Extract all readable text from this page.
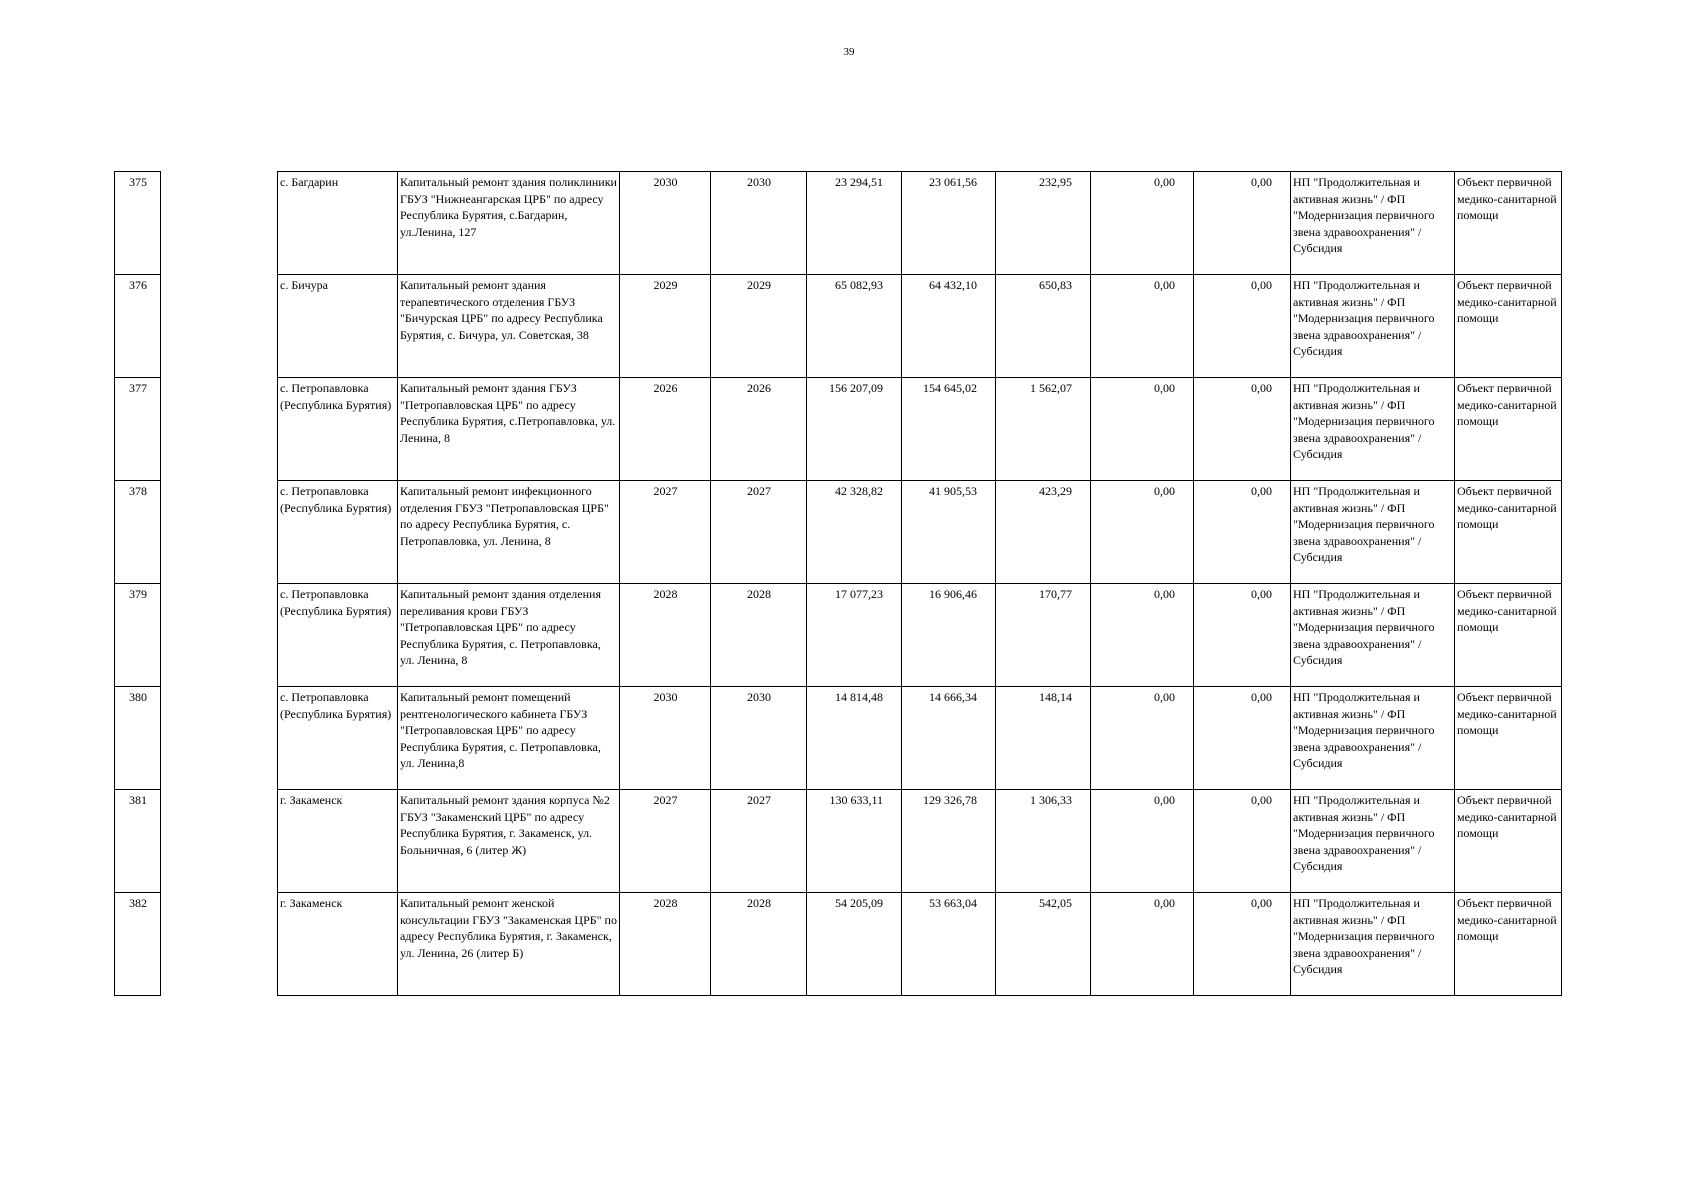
39
375		с. Багдарин	Капитальный ремонт здания поликлиники ГБУЗ "Нижнеангарская ЦРБ" по адресу Республика Бурятия, с.Багдарин, ул.Ленина, 127	2030	2030	23 294,51	23 061,56	232,95	0,00	0,00	НП "Продолжительная и активная жизнь" / ФП "Модернизация первичного звена здравоохранения" / Субсидия	Объект первичной медико-санитарной помощи
376		с. Бичура	Капитальный ремонт здания терапевтического отделения ГБУЗ "Бичурская ЦРБ" по адресу Республика Бурятия, с. Бичура, ул. Советская, 38	2029	2029	65 082,93	64 432,10	650,83	0,00	0,00	НП "Продолжительная и активная жизнь" / ФП "Модернизация первичного звена здравоохранения" / Субсидия	Объект первичной медико-санитарной помощи
377		с. Петропавловка (Республика Бурятия)	Капитальный ремонт здания ГБУЗ "Петропавловская ЦРБ" по адресу Республика Бурятия, с.Петропавловка, ул. Ленина, 8	2026	2026	156 207,09	154 645,02	1 562,07	0,00	0,00	НП "Продолжительная и активная жизнь" / ФП "Модернизация первичного звена здравоохранения" / Субсидия	Объект первичной медико-санитарной помощи
378		с. Петропавловка (Республика Бурятия)	Капитальный ремонт инфекционного отделения ГБУЗ "Петропавловская ЦРБ" по адресу Республика Бурятия, с. Петропавловка, ул. Ленина, 8	2027	2027	42 328,82	41 905,53	423,29	0,00	0,00	НП "Продолжительная и активная жизнь" / ФП "Модернизация первичного звена здравоохранения" / Субсидия	Объект первичной медико-санитарной помощи
379		с. Петропавловка (Республика Бурятия)	Капитальный ремонт здания отделения переливания крови ГБУЗ "Петропавловская ЦРБ" по адресу Республика Бурятия, с. Петропавловка, ул. Ленина, 8	2028	2028	17 077,23	16 906,46	170,77	0,00	0,00	НП "Продолжительная и активная жизнь" / ФП "Модернизация первичного звена здравоохранения" / Субсидия	Объект первичной медико-санитарной помощи
380		с. Петропавловка (Республика Бурятия)	Капитальный ремонт помещений рентгенологического кабинета ГБУЗ "Петропавловская ЦРБ" по адресу Республика Бурятия, с. Петропавловка, ул. Ленина,8	2030	2030	14 814,48	14 666,34	148,14	0,00	0,00	НП "Продолжительная и активная жизнь" / ФП "Модернизация первичного звена здравоохранения" / Субсидия	Объект первичной медико-санитарной помощи
381		г. Закаменск	Капитальный ремонт здания корпуса №2 ГБУЗ "Закаменский ЦРБ" по адресу Республика Бурятия, г. Закаменск, ул. Больничная, 6 (литер Ж)	2027	2027	130 633,11	129 326,78	1 306,33	0,00	0,00	НП "Продолжительная и активная жизнь" / ФП "Модернизация первичного звена здравоохранения" / Субсидия	Объект первичной медико-санитарной помощи
382		г. Закаменск	Капитальный ремонт женской консультации ГБУЗ "Закаменская ЦРБ" по адресу Республика Бурятия, г. Закаменск, ул. Ленина, 26 (литер Б)	2028	2028	54 205,09	53 663,04	542,05	0,00	0,00	НП "Продолжительная и активная жизнь" / ФП "Модернизация первичного звена здравоохранения" / Субсидия	Объект первичной медико-санитарной помощи
